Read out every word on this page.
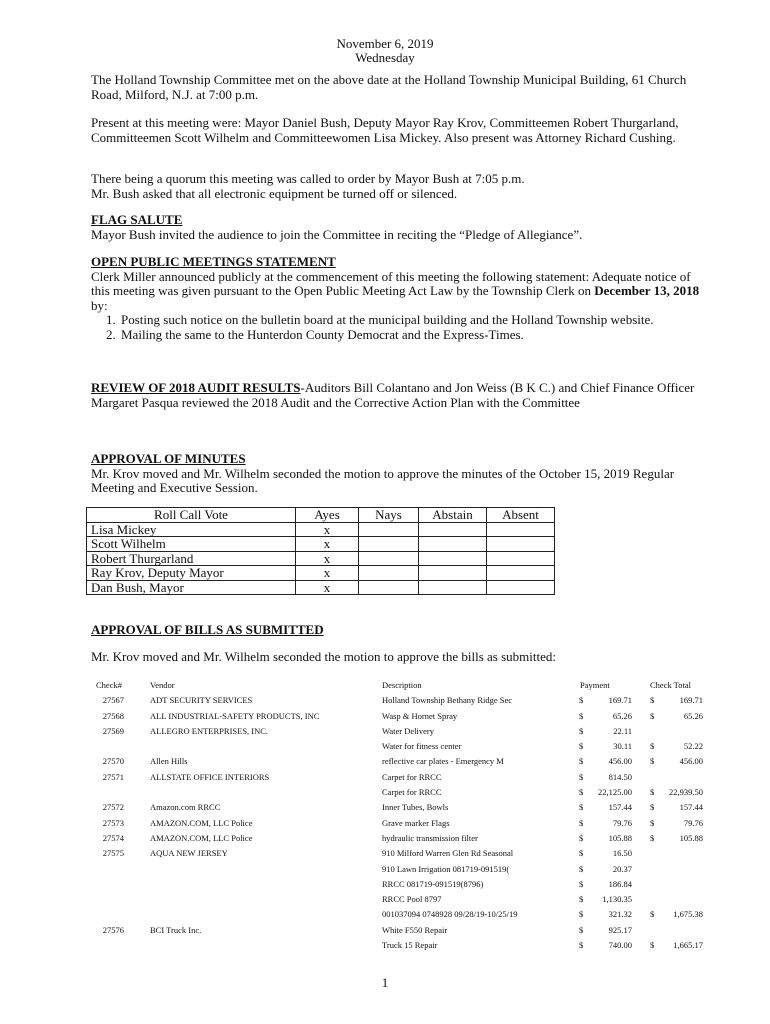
November 6, 2019
Wednesday
The Holland Township Committee met on the above date at the Holland Township Municipal Building, 61 Church Road, Milford, N.J. at 7:00 p.m.
Present at this meeting were: Mayor Daniel Bush, Deputy Mayor Ray Krov, Committeemen Robert Thurgarland, Committeemen Scott Wilhelm and Committeewomen Lisa Mickey. Also present was Attorney Richard Cushing.
There being a quorum this meeting was called to order by Mayor Bush at 7:05 p.m.
Mr. Bush asked that all electronic equipment be turned off or silenced.
FLAG SALUTE
Mayor Bush invited the audience to join the Committee in reciting the “Pledge of Allegiance”.
OPEN PUBLIC MEETINGS STATEMENT
Clerk Miller announced publicly at the commencement of this meeting the following statement: Adequate notice of this meeting was given pursuant to the Open Public Meeting Act Law by the Township Clerk on December 13, 2018 by:
1. Posting such notice on the bulletin board at the municipal building and the Holland Township website.
2. Mailing the same to the Hunterdon County Democrat and the Express-Times.
REVIEW OF 2018 AUDIT RESULTS-Auditors Bill Colantano and Jon Weiss (B K C.) and Chief Finance Officer Margaret Pasqua reviewed the 2018 Audit and the Corrective Action Plan with the Committee
APPROVAL OF MINUTES
Mr. Krov moved and Mr. Wilhelm seconded the motion to approve the minutes of the October 15, 2019 Regular Meeting and Executive Session.
Roll Call Vote	Ayes	Nays	Abstain	Absent
Lisa Mickey	x			
Scott Wilhelm	x			
Robert Thurgarland	x			
Ray Krov, Deputy Mayor	x			
Dan Bush, Mayor	x			
APPROVAL OF BILLS AS SUBMITTED
Mr. Krov moved and Mr. Wilhelm seconded the motion to approve the bills as submitted:
Check#	Vendor	Description	Payment	Check Total
27567	ADT SECURITY SERVICES	Holland Township Bethany Ridge Sec	$	169.71 $	169.71
27568	ALL INDUSTRIAL-SAFETY PRODUCTS, INC	Wasp & Hornet Spray	$	65.26 $	65.26
27569	ALLEGRO ENTERPRISES, INC.	Water Delivery	$	22.11
Water for fitness center	$	30.11 $	52.22
27570	Allen Hills	reflective car plates - Emergency M	$	456.00 $	456.00
27571	ALLSTATE OFFICE INTERIORS	Carpet for RRCC	$	814.50
Carpet for RRCC	$	22,125.00 $	22,939.50
27572	Amazon.com RRCC	Inner Tubes, Bowls	$	157.44 $	157.44
27573	AMAZON.COM, LLC Police	Grave marker Flags	$	79.76 $	79.76
27574	AMAZON.COM, LLC Police	hydraulic transmission filter	$	105.88 $	105.88
27575	AQUA NEW JERSEY	910 Milford Warren Glen Rd Seasonal	$	16.50
910 Lawn Irrigation 081719-091519(	$	20.37
RRCC 081719-091519(8796)	$	186.84
RRCC Pool 8797	$	1,130.35
001037094 0748928 09/28/19-10/25/19	$	321.32 $	1,675.38
27576	BCI Truck Inc.	White F550 Repair	$	925.17
Truck 15 Repair	$	740.00 $	1,665.17
1
